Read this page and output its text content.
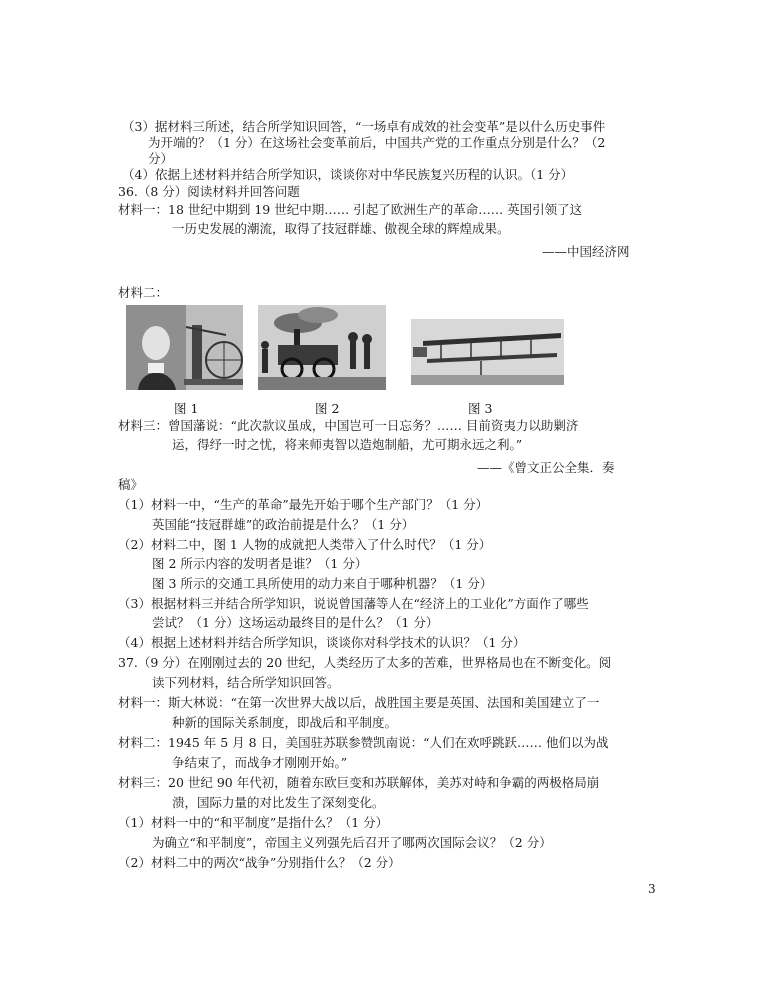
（3）据材料三所述，结合所学知识回答，“一场卓有成效的社会变革”是以什么历史事件
为开端的？（1 分）在这场社会变革前后，中国共产党的工作重点分别是什么？（2
分）
（4）依据上述材料并结合所学知识，谈谈你对中华民族复兴历程的认识。（1 分）
36.（8 分）阅读材料并回答问题
材料一：18 世纪中期到 19 世纪中期…… 引起了欧洲生产的革命…… 英国引领了这
一历史发展的潮流，取得了技冠群雄、傲视全球的辉煌成果。
——中国经济网
材料二：
图 1	图 2	图 3
材料三：曾国藩说：“此次款议虽成，中国岂可一日忘务？…… 目前资夷力以助剿济
运，得纾一时之忧，将来师夷智以造炮制船，尤可期永远之利。”
——《曾文正公全集．奏
稿》
（1）材料一中，“生产的革命”最先开始于哪个生产部门？（1 分）
英国能“技冠群雄”的政治前提是什么？（1 分）
（2）材料二中，图 1 人物的成就把人类带入了什么时代？（1 分）
图 2 所示内容的发明者是谁？（1 分）
图 3 所示的交通工具所使用的动力来自于哪种机器？（1 分）
（3）根据材料三并结合所学知识，说说曾国藩等人在“经济上的工业化”方面作了哪些
尝试？（1 分）这场运动最终目的是什么？（1 分）
（4）根据上述材料并结合所学知识，谈谈你对科学技术的认识？（1 分）
37.（9 分）在刚刚过去的 20 世纪，人类经历了太多的苦难，世界格局也在不断变化。阅
读下列材料，结合所学知识回答。
材料一：斯大林说：“在第一次世界大战以后，战胜国主要是英国、法国和美国建立了一
种新的国际关系制度，即战后和平制度。
材料二：1945 年 5 月 8 日，美国驻苏联参赞凯南说：“人们在欢呼跳跃…… 他们以为战
争结束了，而战争才刚刚开始。”
材料三：20 世纪 90 年代初，随着东欧巨变和苏联解体，美苏对峙和争霸的两极格局崩
溃，国际力量的对比发生了深刻变化。
（1）材料一中的“和平制度”是指什么？（1 分）
为确立“和平制度”，帝国主义列强先后召开了哪两次国际会议？（2 分）
（2）材料二中的两次“战争”分别指什么？（2 分）
3
